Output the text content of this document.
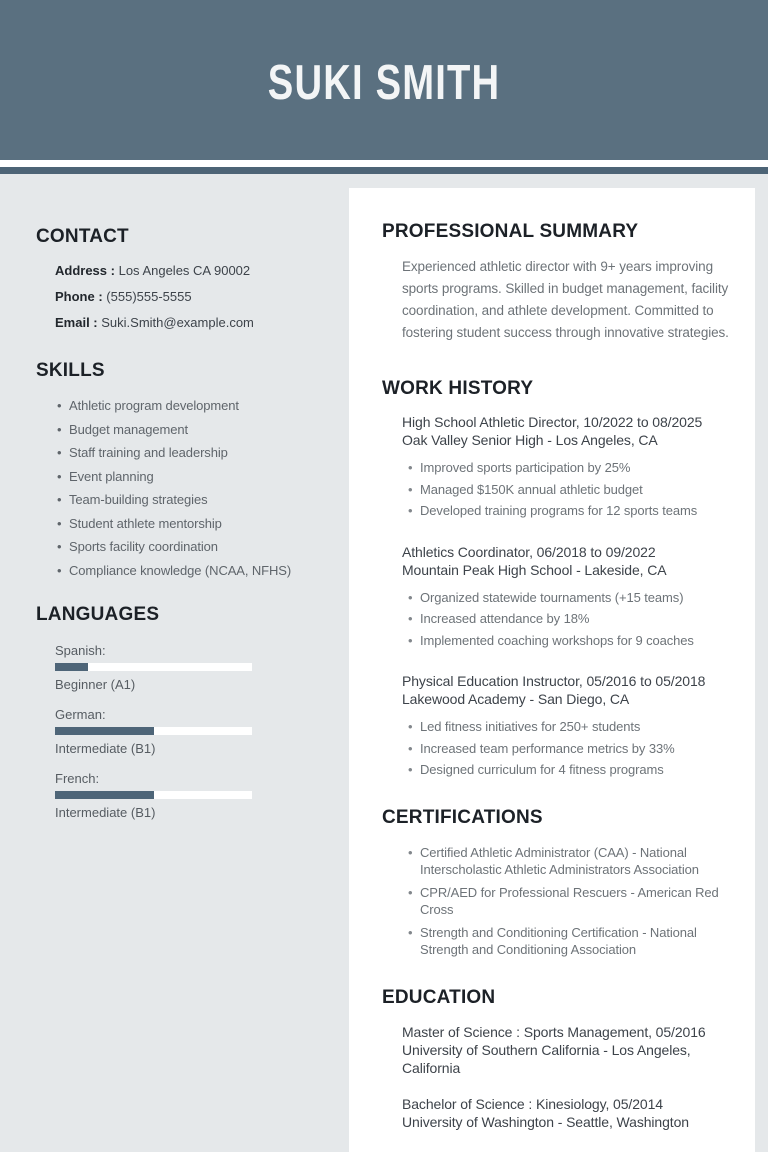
SUKI SMITH
CONTACT
Address : Los Angeles CA 90002
Phone : (555)555-5555
Email : Suki.Smith@example.com
SKILLS
• Athletic program development
• Budget management
• Staff training and leadership
• Event planning
• Team-building strategies
• Student athlete mentorship
• Sports facility coordination
• Compliance knowledge (NCAA, NFHS)
LANGUAGES
Spanish:
Beginner (A1)
German:
Intermediate (B1)
French:
Intermediate (B1)
PROFESSIONAL SUMMARY

Experienced athletic director with 9+ years improving sports programs. Skilled in budget management, facility coordination, and athlete development. Committed to fostering student success through innovative strategies.

WORK HISTORY
High School Athletic Director, 10/2022 to 08/2025
Oak Valley Senior High - Los Angeles, CA
• Improved sports participation by 25%
• Managed $150K annual athletic budget
• Developed training programs for 12 sports teams
Athletics Coordinator, 06/2018 to 09/2022
Mountain Peak High School - Lakeside, CA
• Organized statewide tournaments (+15 teams)
• Increased attendance by 18%
• Implemented coaching workshops for 9 coaches
Physical Education Instructor, 05/2016 to 05/2018
Lakewood Academy - San Diego, CA
• Led fitness initiatives for 250+ students
• Increased team performance metrics by 33%
• Designed curriculum for 4 fitness programs
CERTIFICATIONS
• Certified Athletic Administrator (CAA) - National Interscholastic Athletic Administrators Association
• CPR/AED for Professional Rescuers - American Red Cross
• Strength and Conditioning Certification - National Strength and Conditioning Association
EDUCATION
Master of Science : Sports Management, 05/2016
University of Southern California - Los Angeles, California
Bachelor of Science : Kinesiology, 05/2014
University of Washington - Seattle, Washington
